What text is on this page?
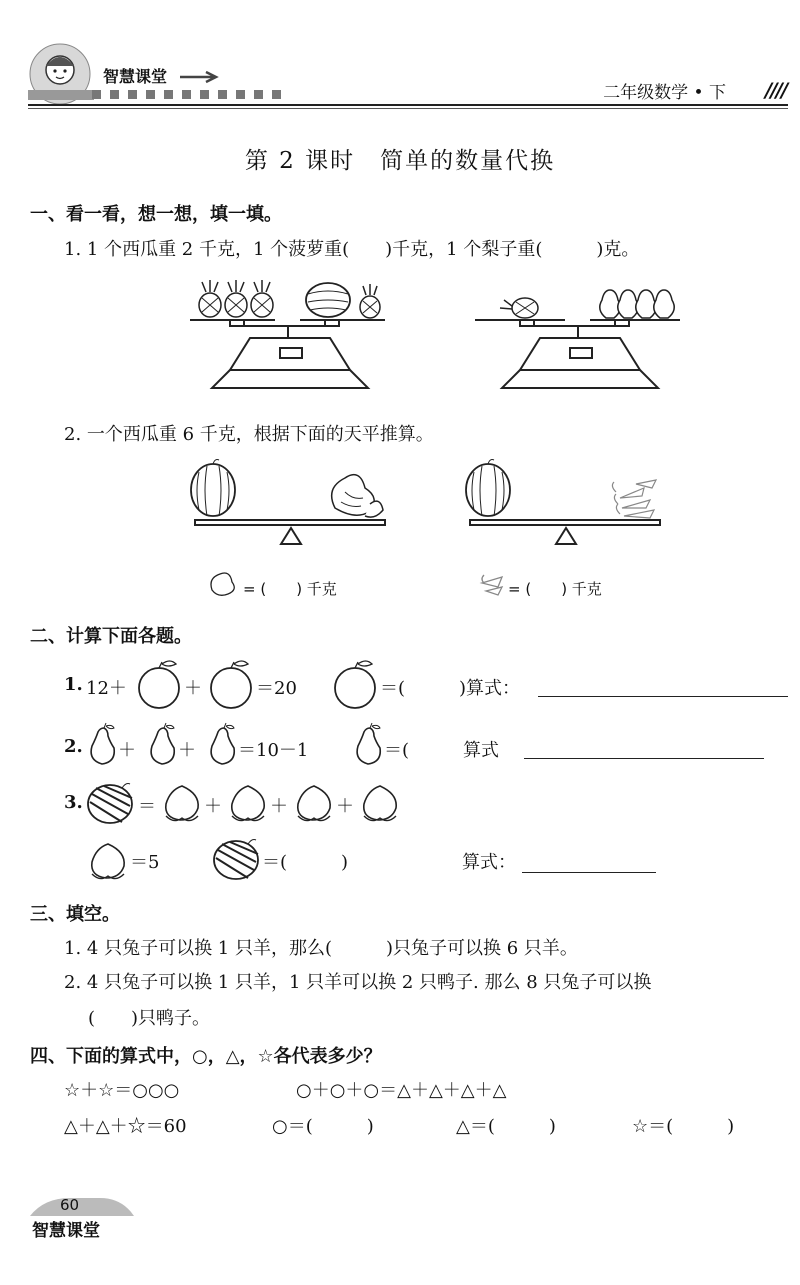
智慧课堂
二年级数学 • 下 ////
第 2 课时　简单的数量代换
一、看一看，想一想，填一填。
1. 1 个西瓜重 2 千克，1 个菠萝重(　　)千克，1 个梨子重(　　　)克。
2. 一个西瓜重 6 千克，根据下面的天平推算。
= (　　) 千克	= (　　) 千克
二、计算下面各题。
1. 12＋	＋	＝20	＝(　　　)算式：
2. ＋ ＋ ＝10－1	＝(　　　算式
3.	＝	＋	＋	＋
＝5	＝(　　　)	算式：
三、填空。
1. 4 只兔子可以换 1 只羊，那么(　　　)只兔子可以换 6 只羊。
2. 4 只兔子可以换 1 只羊，1 只羊可以换 2 只鸭子. 那么 8 只兔子可以换
(　　)只鸭子。
四、下面的算式中，○，△，☆各代表多少？
☆＋☆＝○○○	○＋○＋○＝△＋△＋△＋△
△＋△＋☆＝60	○＝(　　　)	△＝(　　　)	☆＝(　　　)
60
智慧课堂
